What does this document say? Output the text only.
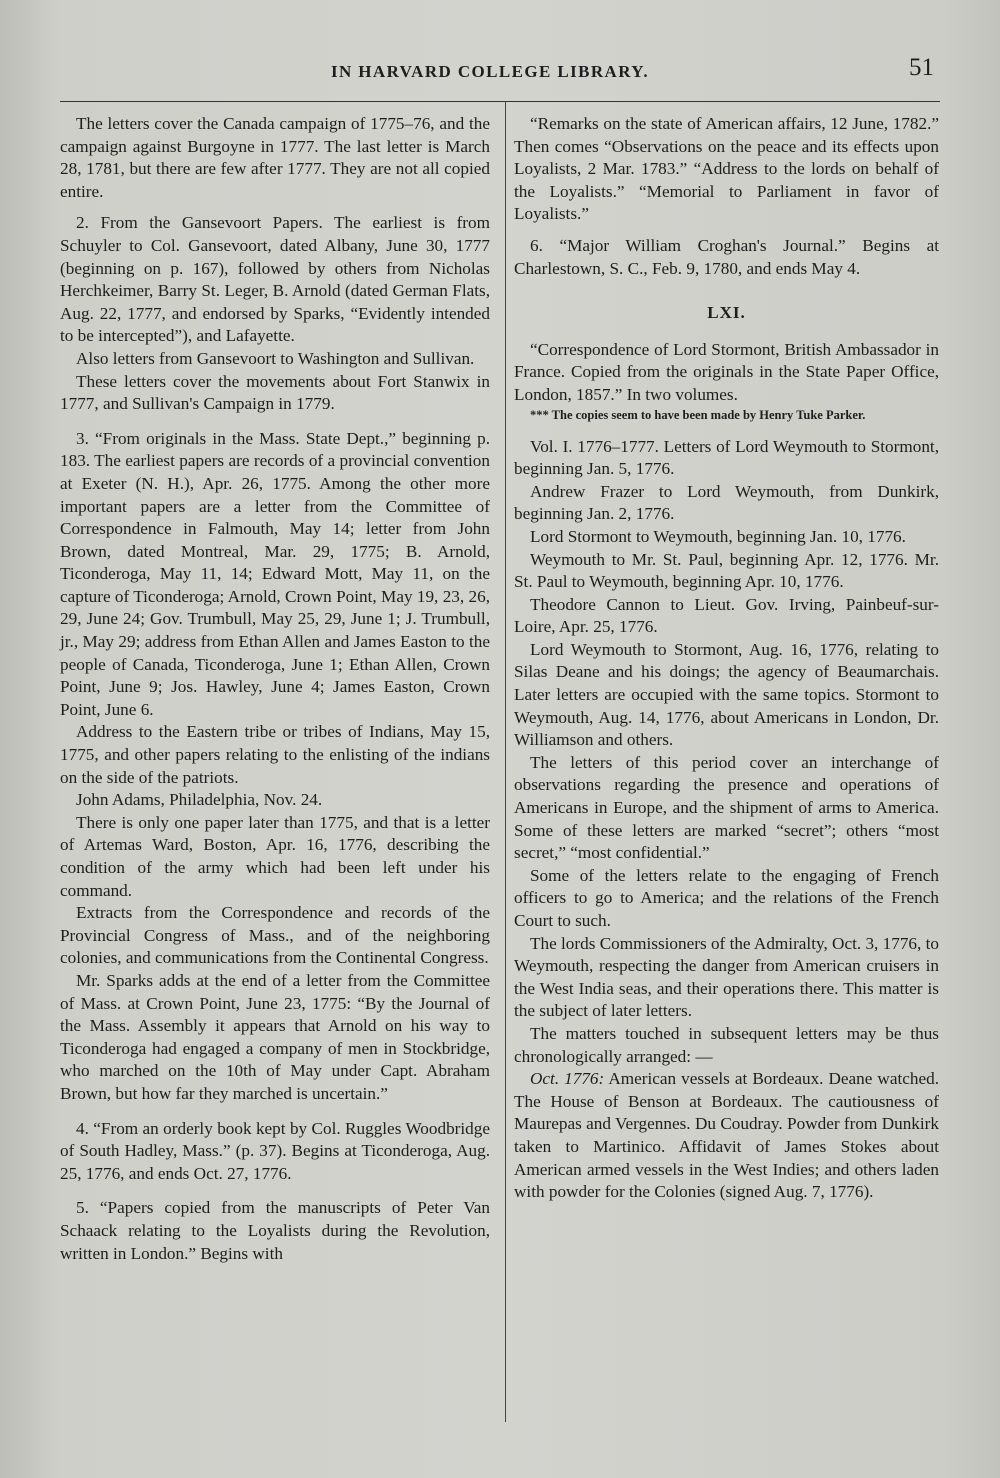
IN HARVARD COLLEGE LIBRARY.	51

The letters cover the Canada campaign of 1775–76, and the campaign against Burgoyne in 1777. The last letter is March 28, 1781, but there are few after 1777. They are not all copied entire.

2. From the Gansevoort Papers. The earliest is from Schuyler to Col. Gansevoort, dated Albany, June 30, 1777 (beginning on p. 167), followed by others from Nicholas Herchkeimer, Barry St. Leger, B. Arnold (dated German Flats, Aug. 22, 1777, and endorsed by Sparks, “Evidently intended to be intercepted”), and Lafayette.

Also letters from Gansevoort to Washington and Sullivan.

These letters cover the movements about Fort Stanwix in 1777, and Sullivan's Campaign in 1779.

3. “From originals in the Mass. State Dept.,” beginning p. 183. The earliest papers are records of a provincial convention at Exeter (N. H.), Apr. 26, 1775. Among the other more important papers are a letter from the Committee of Correspondence in Falmouth, May 14; letter from John Brown, dated Montreal, Mar. 29, 1775; B. Arnold, Ticonderoga, May 11, 14; Edward Mott, May 11, on the capture of Ticonderoga; Arnold, Crown Point, May 19, 23, 26, 29, June 24; Gov. Trumbull, May 25, 29, June 1; J. Trumbull, jr., May 29; address from Ethan Allen and James Easton to the people of Canada, Ticonderoga, June 1; Ethan Allen, Crown Point, June 9; Jos. Hawley, June 4; James Easton, Crown Point, June 6.

Address to the Eastern tribe or tribes of Indians, May 15, 1775, and other papers relating to the enlisting of the indians on the side of the patriots.

John Adams, Philadelphia, Nov. 24.

There is only one paper later than 1775, and that is a letter of Artemas Ward, Boston, Apr. 16, 1776, describing the condition of the army which had been left under his command.

Extracts from the Correspondence and records of the Provincial Congress of Mass., and of the neighboring colonies, and communications from the Continental Congress.

Mr. Sparks adds at the end of a letter from the Committee of Mass. at Crown Point, June 23, 1775: “By the Journal of the Mass. Assembly it appears that Arnold on his way to Ticonderoga had engaged a company of men in Stockbridge, who marched on the 10th of May under Capt. Abraham Brown, but how far they marched is uncertain.”

4. “From an orderly book kept by Col. Ruggles Woodbridge of South Hadley, Mass.” (p. 37). Begins at Ticonderoga, Aug. 25, 1776, and ends Oct. 27, 1776.

5. “Papers copied from the manuscripts of Peter Van Schaack relating to the Loyalists during the Revolution, written in London.” Begins with

“Remarks on the state of American affairs, 12 June, 1782.” Then comes “Observations on the peace and its effects upon Loyalists, 2 Mar. 1783.” “Address to the lords on behalf of the Loyalists.” “Memorial to Parliament in favor of Loyalists.”

6. “Major William Croghan's Journal.” Begins at Charlestown, S. C., Feb. 9, 1780, and ends May 4.

LXI.

“Correspondence of Lord Stormont, British Ambassador in France. Copied from the originals in the State Paper Office, London, 1857.” In two volumes.

*** The copies seem to have been made by Henry Tuke Parker.

Vol. I. 1776–1777. Letters of Lord Weymouth to Stormont, beginning Jan. 5, 1776.

Andrew Frazer to Lord Weymouth, from Dunkirk, beginning Jan. 2, 1776.

Lord Stormont to Weymouth, beginning Jan. 10, 1776.

Weymouth to Mr. St. Paul, beginning Apr. 12, 1776. Mr. St. Paul to Weymouth, beginning Apr. 10, 1776.

Theodore Cannon to Lieut. Gov. Irving, Painbeuf-sur-Loire, Apr. 25, 1776.

Lord Weymouth to Stormont, Aug. 16, 1776, relating to Silas Deane and his doings; the agency of Beaumarchais. Later letters are occupied with the same topics. Stormont to Weymouth, Aug. 14, 1776, about Americans in London, Dr. Williamson and others.

The letters of this period cover an interchange of observations regarding the presence and operations of Americans in Europe, and the shipment of arms to America. Some of these letters are marked “secret”; others “most secret,” “most confidential.”

Some of the letters relate to the engaging of French officers to go to America; and the relations of the French Court to such.

The lords Commissioners of the Admiralty, Oct. 3, 1776, to Weymouth, respecting the danger from American cruisers in the West India seas, and their operations there. This matter is the subject of later letters.

The matters touched in subsequent letters may be thus chronologically arranged: —

Oct. 1776: American vessels at Bordeaux. Deane watched. The House of Benson at Bordeaux. The cautiousness of Maurepas and Vergennes. Du Coudray. Powder from Dunkirk taken to Martinico. Affidavit of James Stokes about American armed vessels in the West Indies; and others laden with powder for the Colonies (signed Aug. 7, 1776).
